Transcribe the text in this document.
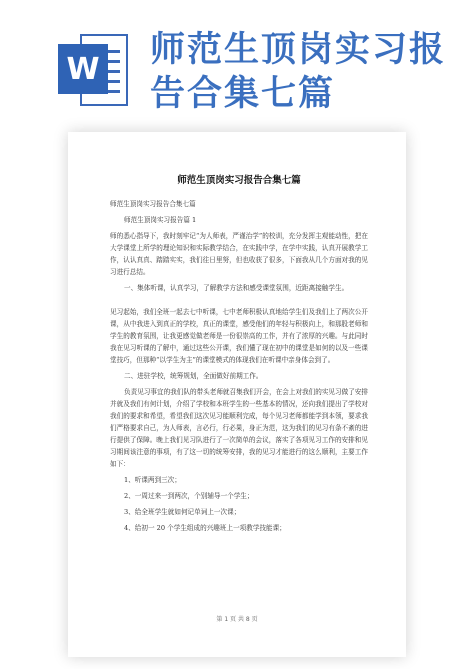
W 师范生顶岗实习报告合集七篇
师范生顶岗实习报告合集七篇

师范生顶岗实习报告合集七篇

师范生顶岗实习报告篇 1

师的悉心指导下，我时刻牢记“为人师表，严谨治学”的校训，充分发挥主观能动性，把在大学课堂上所学的理论知识和实际教学结合，在实践中学，在学中实践，认真开展教学工作，认认真真、踏踏实实，我们往日里努，但也收获了很多，下面我从几个方面对我的见习进行总结。

一、集体听课，认真学习，了解教学方法和感受课堂氛围，近距离接触学生。

见习起始，我们全班一起去七中听课，七中老师积极认真地给学生们及我们上了两次公开课，从中我进入到真正的学校，真正的课堂，感受他们的年轻与积极向上，和那股老师和学生的教育氛围，让我更感觉做老师是一份很崇高的工作，并有了浓厚的兴趣。与此同时我在见习听课的了解中，通过这些公开课，我们懂了现在初中的课堂是如何的以及一些课堂技巧，但那种“以学生为主”的课堂模式的体现我们在听课中亲身体会到了。

二、进驻学校，统筹规划，全面做好前期工作。

负责见习事宜的我们队的带头老师就召集我们开会，在会上对我们的实见习做了安排并就及我们有何计划，介绍了学校和本班学生的一些基本的情况，还向我们提出了学校对我们的要求和希望，希望我们这次见习能顺利完成，每个见习老师都能学到本领，要求我们严格要求自己，为人师表，言必行，行必果，身正为范，这为我们的见习有条不紊的进行提供了保障。晚上我们见习队进行了一次简单的会议，落实了各项见习工作的安排和见习期间该注意的事项，有了这一切的统筹安排，我的见习才能进行的这么顺利，主要工作如下：

1、听课两到三次；

2、一周过来一到两次，个别辅导一个学生；

3、给全班学生就如何记单词上一次课；

4、给初一 20 个学生组成的兴趣班上一项教学技能课；

第 1 页 共 8 页
